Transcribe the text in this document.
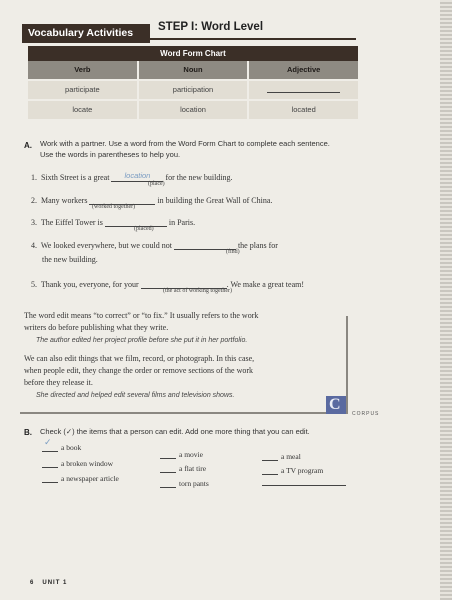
Vocabulary Activities	STEP I: Word Level
Word Form Chart
Verb	Noun	Adjective
participate	participation
locate	location	located
A. Work with a partner. Use a word from the Word Form Chart to complete each sentence. Use the words in parentheses to help you.
1. Sixth Street is a great location for the new building.
(place)
2. Many workers	in building the Great Wall of China.
(worked together)
3. The Eiffel Tower is	in Paris.
(placed)
4. We looked everywhere, but we could not	the plans for
(find)
the new building.
5. Thank you, everyone, for your	. We make a great team!
(the act of working together)
The word edit means “to correct” or “to fix.” It usually refers to the work
writers do before publishing what they write.
The author edited her project profile before she put it in her portfolio.
We can also edit things that we film, record, or photograph. In this case,
when people edit, they change the order or remove sections of the work
before they release it.
She directed and helped edit several films and television shows.
C
CORPUS
B. Check (✓) the items that a person can edit. Add one more thing that you can edit.
✓ a book
a broken window
a newspaper article
a movie
a flat tire
torn pants
a meal
a TV program
6 UNIT 1
